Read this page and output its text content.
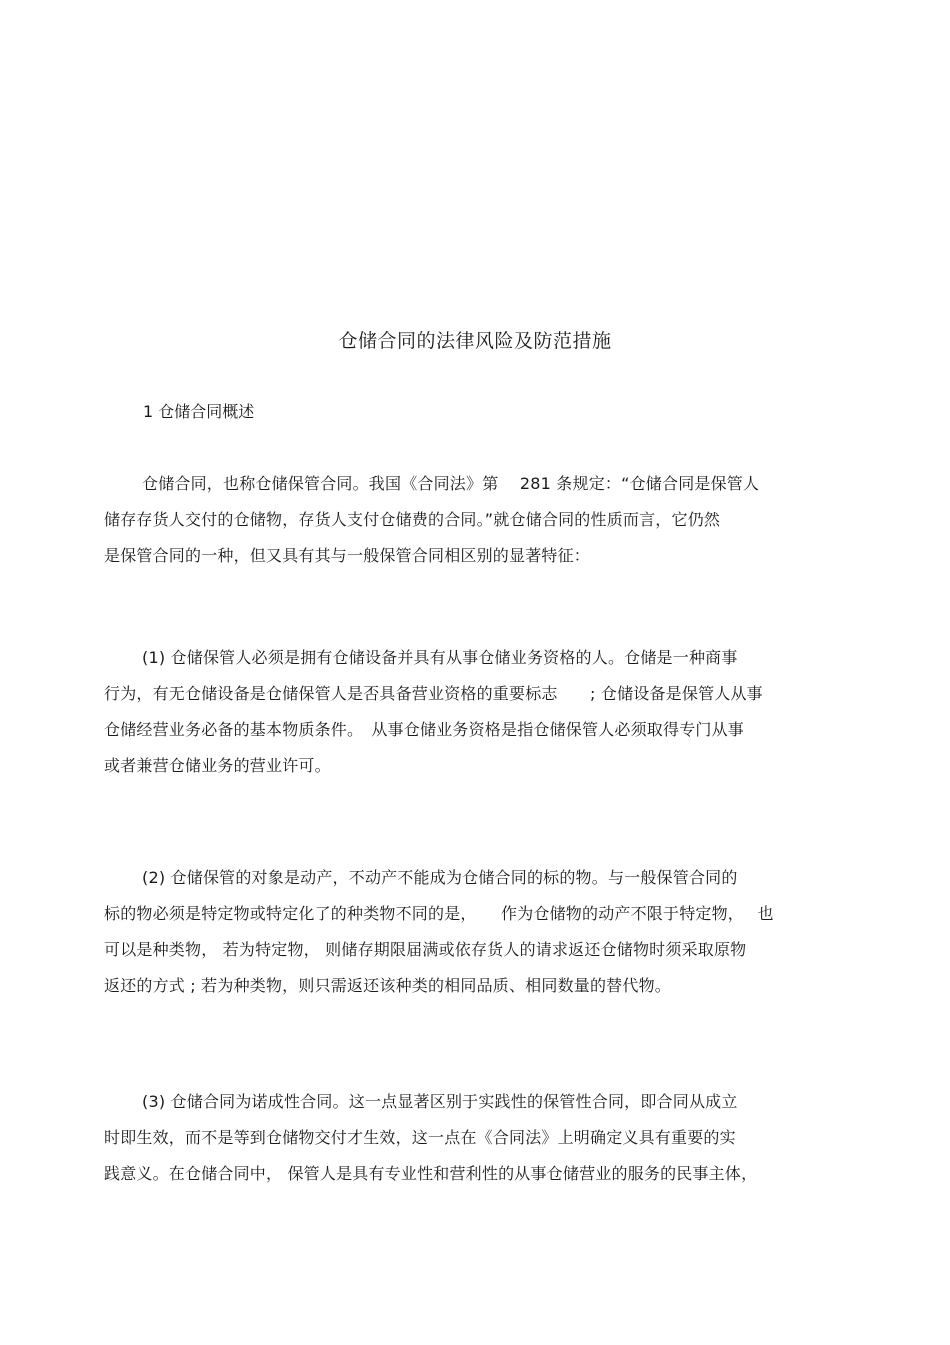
仓储合同的法律风险及防范措施
1 仓储合同概述
仓储合同，也称仓储保管合同。我国《合同法》第　 281 条规定：“仓储合同是保管人
储存存货人交付的仓储物，存货人支付仓储费的合同。”就仓储合同的性质而言，它仍然
是保管合同的一种，但又具有其与一般保管合同相区别的显著特征：
(1) 仓储保管人必须是拥有仓储设备并具有从事仓储业务资格的人。仓储是一种商事
行为，有无仓储设备是仓储保管人是否具备营业资格的重要标志　　; 仓储设备是保管人从事
仓储经营业务必备的基本物质条件。　从事仓储业务资格是指仓储保管人必须取得专门从事
或者兼营仓储业务的营业许可。
(2) 仓储保管的对象是动产，不动产不能成为仓储合同的标的物。与一般保管合同的
标的物必须是特定物或特定化了的种类物不同的是，　　作为仓储物的动产不限于特定物，　 也
可以是种类物， 若为特定物， 则储存期限届满或依存货人的请求返还仓储物时须采取原物
返还的方式 ; 若为种类物，则只需返还该种类的相同品质、相同数量的替代物。
(3) 仓储合同为诺成性合同。这一点显著区别于实践性的保管性合同，即合同从成立
时即生效，而不是等到仓储物交付才生效，这一点在《合同法》上明确定义具有重要的实
践意义。在仓储合同中， 保管人是具有专业性和营利性的从事仓储营业的服务的民事主体，
